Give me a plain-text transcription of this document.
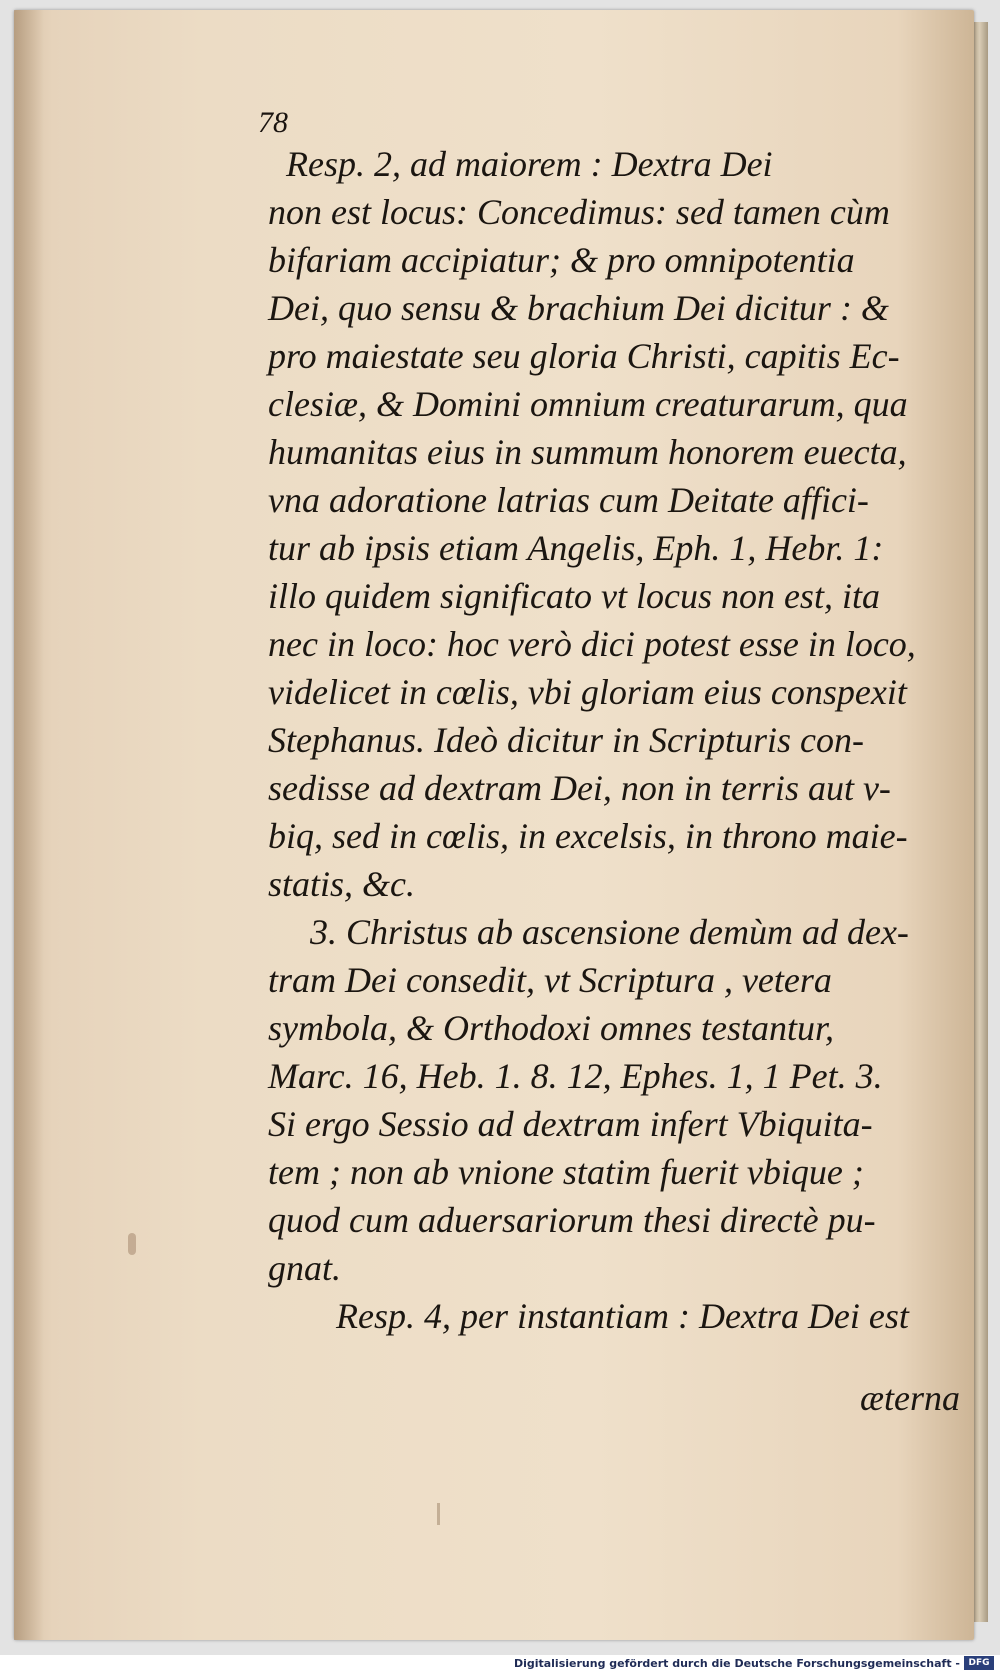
78
Resp. 2, ad maiorem : Dextra Dei
non est locus: Concedimus: sed tamen cùm
bifariam accipiatur; & pro omnipotentia
Dei, quo sensu & brachium Dei dicitur : &
pro maiestate seu gloria Christi, capitis Ec-
clesiæ, & Domini omnium creaturarum, qua
humanitas eius in summum honorem euecta,
vna adoratione latrias cum Deitate affici-
tur ab ipsis etiam Angelis, Eph. 1, Hebr. 1:
illo quidem significato vt locus non est, ita
nec in loco: hoc verò dici potest esse in loco,
videlicet in cœlis, vbi gloriam eius conspexit
Stephanus. Ideò dicitur in Scripturis con-
sedisse ad dextram Dei, non in terris aut v-
biq, sed in cœlis, in excelsis, in throno maie-
statis, &c.
3. Christus ab ascensione demùm ad dex-
tram Dei consedit, vt Scriptura , vetera
symbola, & Orthodoxi omnes testantur,
Marc. 16, Heb. 1. 8. 12, Ephes. 1, 1 Pet. 3.
Si ergo Sessio ad dextram infert Vbiquita-
tem ; non ab vnione statim fuerit vbique ;
quod cum aduersariorum thesi directè pu-
gnat.
Resp. 4, per instantiam : Dextra Dei est
æterna
Digitalisierung gefördert durch die Deutsche Forschungsgemeinschaft - DFG
